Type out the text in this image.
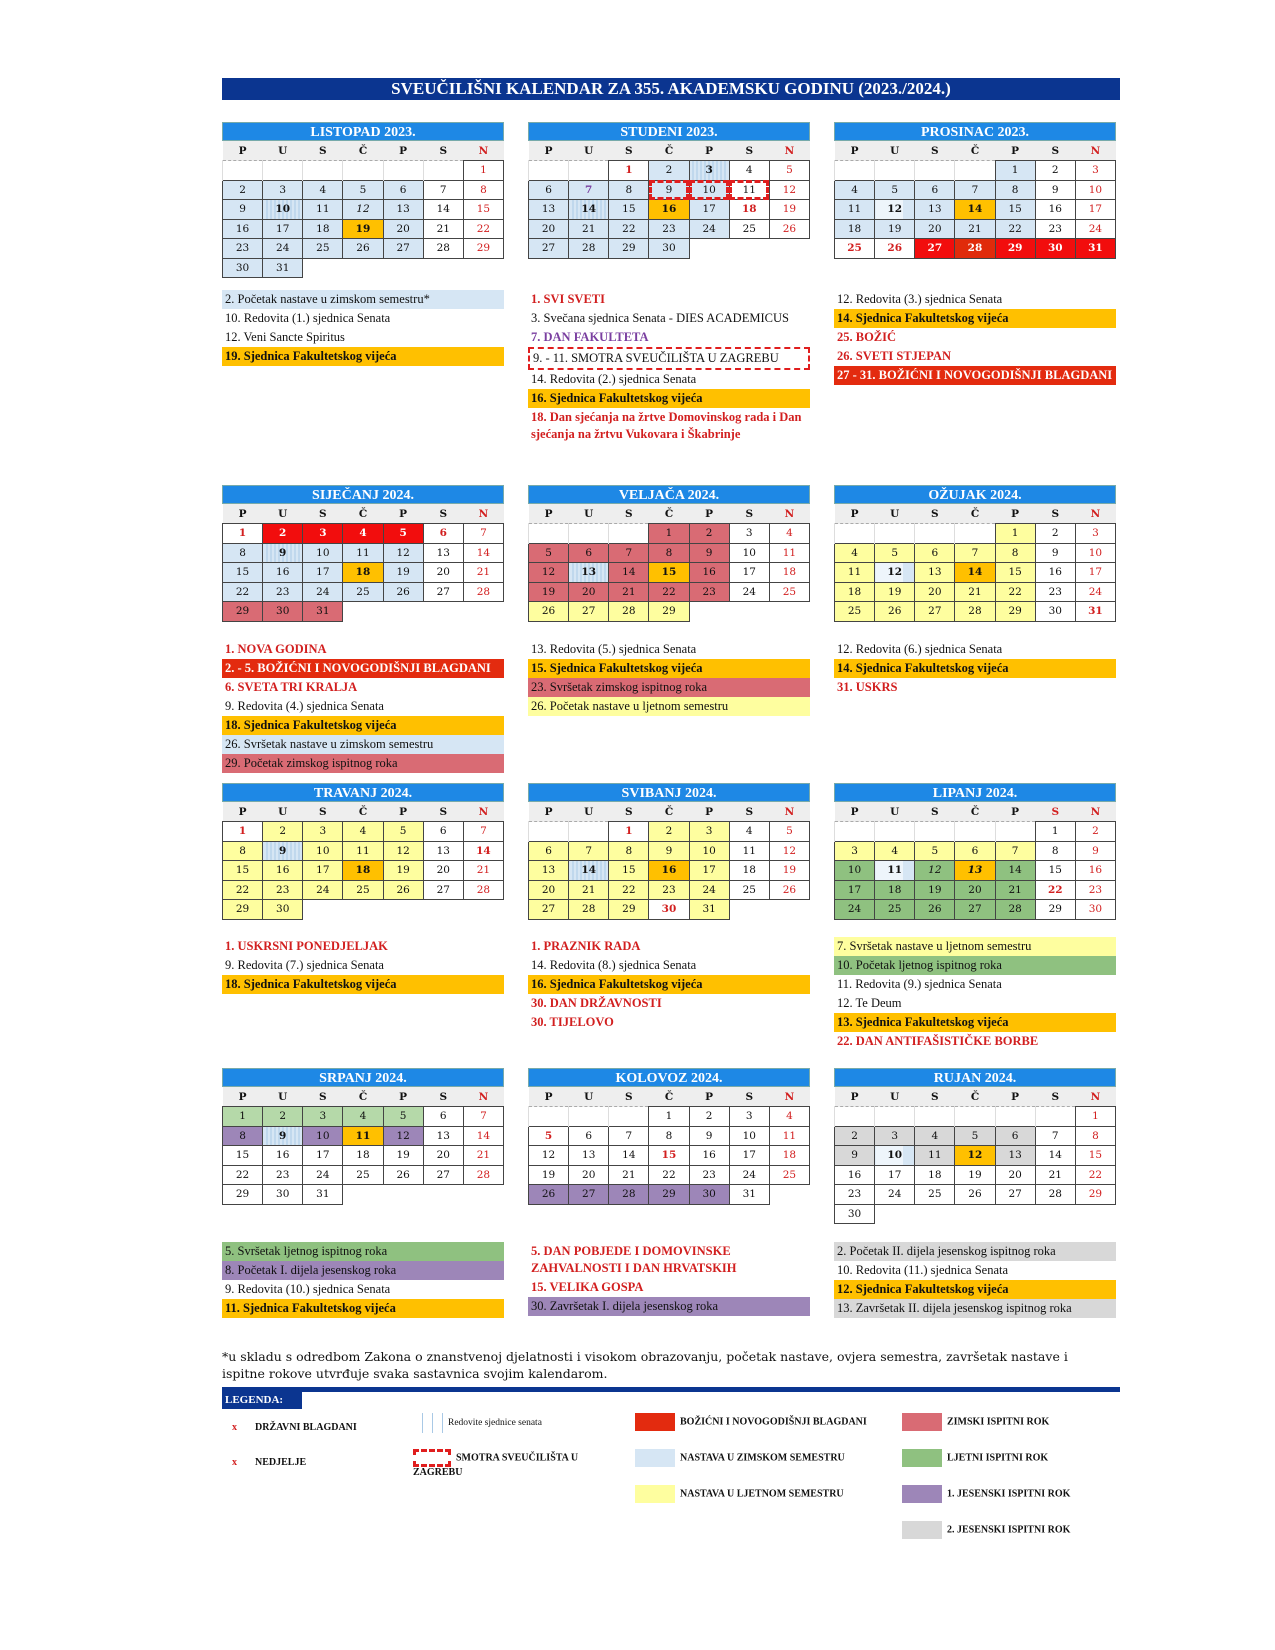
SVEUČILIŠNI KALENDAR ZA 355. AKADEMSKU GODINU (2023./2024.)
LISTOPAD 2023.
P	U	S	Č	P	S	N
						1
2	3	4	5	6	7	8
9	10	11	12	13	14	15
16	17	18	19	20	21	22
23	24	25	26	27	28	29
30	31					
2. Početak nastave u zimskom semestru*
10. Redovita (1.) sjednica Senata
12. Veni Sancte Spiritus
19. Sjednica Fakultetskog vijeća
STUDENI 2023.
P	U	S	Č	P	S	N
		1	2	3	4	5
6	7	8	9	10	11	12
13	14	15	16	17	18	19
20	21	22	23	24	25	26
27	28	29	30			
1. SVI SVETI
3. Svečana sjednica Senata - DIES ACADEMICUS
7. DAN FAKULTETA
9. - 11. SMOTRA SVEUČILIŠTA U ZAGREBU
14. Redovita (2.) sjednica Senata
16. Sjednica Fakultetskog vijeća
18. Dan sjećanja na žrtve Domovinskog rada i Dan sjećanja na žrtvu Vukovara i Škabrinje
PROSINAC 2023.
P	U	S	Č	P	S	N
				1	2	3
4	5	6	7	8	9	10
11	12	13	14	15	16	17
18	19	20	21	22	23	24
25	26	27	28	29	30	31
12. Redovita (3.) sjednica Senata
14. Sjednica Fakultetskog vijeća
25. BOŽIĆ
26. SVETI STJEPAN
27 - 31. BOŽIĆNI I NOVOGODIŠNJI BLAGDANI
SIJEČANJ 2024.
P	U	S	Č	P	S	N
1	2	3	4	5	6	7
8	9	10	11	12	13	14
15	16	17	18	19	20	21
22	23	24	25	26	27	28
29	30	31				
1. NOVA GODINA
2. - 5. BOŽIĆNI I NOVOGODIŠNJI BLAGDANI
6. SVETA TRI KRALJA
9. Redovita (4.) sjednica Senata
18. Sjednica Fakultetskog vijeća
26. Svršetak nastave u zimskom semestru
29. Početak zimskog ispitnog roka
VELJAČA 2024.
P	U	S	Č	P	S	N
			1	2	3	4
5	6	7	8	9	10	11
12	13	14	15	16	17	18
19	20	21	22	23	24	25
26	27	28	29			
13. Redovita (5.) sjednica Senata
15. Sjednica Fakultetskog vijeća
23. Svršetak zimskog ispitnog roka
26. Početak nastave u ljetnom semestru
OŽUJAK 2024.
P	U	S	Č	P	S	N
				1	2	3
4	5	6	7	8	9	10
11	12	13	14	15	16	17
18	19	20	21	22	23	24
25	26	27	28	29	30	31
12. Redovita (6.) sjednica Senata
14. Sjednica Fakultetskog vijeća
31. USKRS
TRAVANJ 2024.
P	U	S	Č	P	S	N
1	2	3	4	5	6	7
8	9	10	11	12	13	14
15	16	17	18	19	20	21
22	23	24	25	26	27	28
29	30					
1. USKRSNI PONEDJELJAK
9. Redovita (7.) sjednica Senata
18. Sjednica Fakultetskog vijeća
SVIBANJ 2024.
P	U	S	Č	P	S	N
		1	2	3	4	5
6	7	8	9	10	11	12
13	14	15	16	17	18	19
20	21	22	23	24	25	26
27	28	29	30	31		
1. PRAZNIK RADA
14. Redovita (8.) sjednica Senata
16. Sjednica Fakultetskog vijeća
30. DAN DRŽAVNOSTI
30. TIJELOVO
LIPANJ 2024.
P	U	S	Č	P	S	N
					1	2
3	4	5	6	7	8	9
10	11	12	13	14	15	16
17	18	19	20	21	22	23
24	25	26	27	28	29	30
7. Svršetak nastave u ljetnom semestru
10. Početak ljetnog ispitnog roka
11. Redovita (9.) sjednica Senata
12. Te Deum
13. Sjednica Fakultetskog vijeća
22. DAN ANTIFAŠISTIČKE BORBE
SRPANJ 2024.
P	U	S	Č	P	S	N
1	2	3	4	5	6	7
8	9	10	11	12	13	14
15	16	17	18	19	20	21
22	23	24	25	26	27	28
29	30	31				
5. Svršetak ljetnog ispitnog roka
8. Početak I. dijela jesenskog roka
9. Redovita (10.) sjednica Senata
11. Sjednica Fakultetskog vijeća
KOLOVOZ 2024.
P	U	S	Č	P	S	N
			1	2	3	4
5	6	7	8	9	10	11
12	13	14	15	16	17	18
19	20	21	22	23	24	25
26	27	28	29	30	31	
5. DAN POBJEDE I DOMOVINSKE ZAHVALNOSTI I DAN HRVATSKIH
15. VELIKA GOSPA
30. Završetak I. dijela jesenskog roka
RUJAN 2024.
P	U	S	Č	P	S	N
						1
2	3	4	5	6	7	8
9	10	11	12	13	14	15
16	17	18	19	20	21	22
23	24	25	26	27	28	29
30						
2. Početak II. dijela jesenskog ispitnog roka
10. Redovita (11.) sjednica Senata
12. Sjednica Fakultetskog vijeća
13. Završetak II. dijela jesenskog ispitnog roka
*u skladu s odredbom Zakona o znanstvenoj djelatnosti i visokom obrazovanju, početak nastave, ovjera semestra, završetak nastave i ispitne rokove utvrđuje svaka sastavnica svojim kalendarom.
LEGENDA:
x DRŽAVNI BLAGDANI
x NEDJELJE
Redovite sjednice senata
SMOTRA SVEUČILIŠTA U ZAGREBU
BOŽIĆNI I NOVOGODIŠNJI BLAGDANI
NASTAVA U ZIMSKOM SEMESTRU
NASTAVA U LJETNOM SEMESTRU
ZIMSKI ISPITNI ROK
LJETNI ISPITNI ROK
1. JESENSKI ISPITNI ROK
2. JESENSKI ISPITNI ROK
